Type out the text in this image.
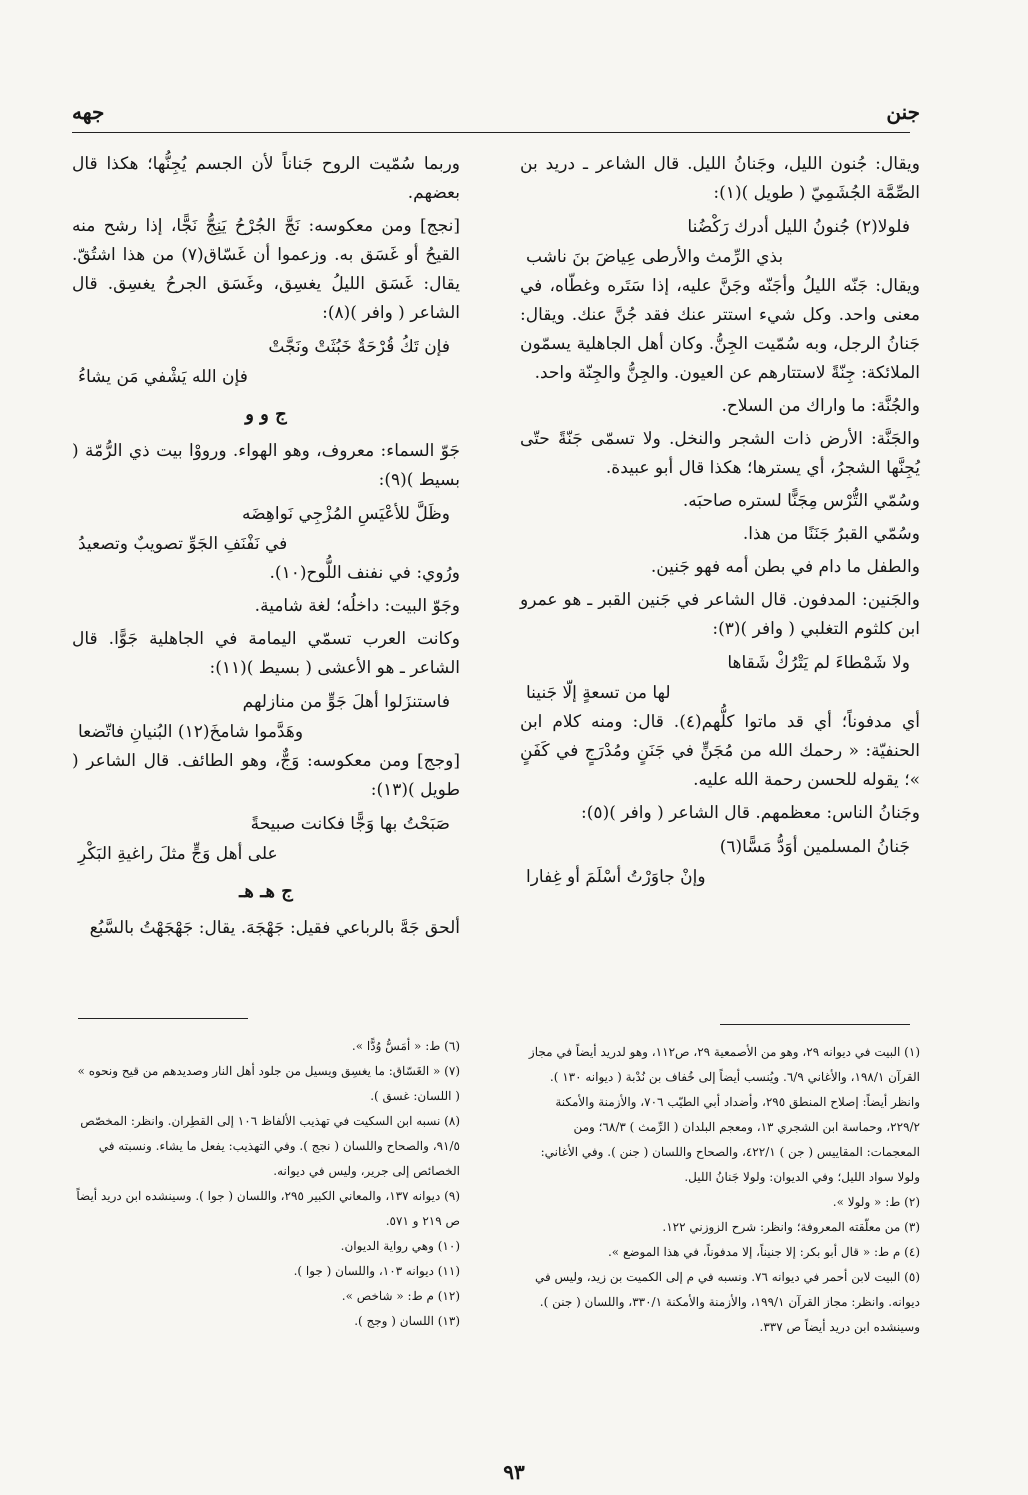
جنن
جهه

ويقال: جُنون الليل، وجَنانُ الليل. قال الشاعر ـ دريد بن الصِّمَّة الجُشَمِيّ ( طويل )(١):

فلولا(٢) جُنونُ الليل أدرك رَكْضُنا
بذي الرِّمث والأرطى عِياضَ بنَ ناشب

ويقال: جَنّه الليلُ وأجَنّه وجَنَّ عليه، إذا سَتَره وغطّاه، في معنى واحد. وكل شيء استتر عنك فقد جُنَّ عنك. ويقال: جَنانُ الرجل، وبه سُمّيت الجِنُّ. وكان أهل الجاهلية يسمّون الملائكة: جِنّةً لاستتارهم عن العيون. والجِنُّ والجِنّة واحد.

والجُنَّة: ما واراك من السلاح.

والجَنَّة: الأرض ذات الشجر والنخل. ولا تسمّى جَنّةً حتّى يُجِنَّها الشجرُ، أي يسترها؛ هكذا قال أبو عبيدة.

وسُمّي التُّرْس مِجَنًّا لستره صاحبَه.

وسُمّي القبرُ جَنَنًا من هذا.

والطفل ما دام في بطن أمه فهو جَنين.

والجَنين: المدفون. قال الشاعر في جَنين القبر ـ هو عمرو ابن كلثوم التغلبي ( وافر )(٣):

ولا شَمْطاءَ لم يَتْرُكْ شَقاها
لها من تسعةٍ إلّا جَنينا

أي مدفوناً؛ أي قد ماتوا كلُّهم(٤). قال: ومنه كلام ابن الحنفيّة: « رحمك الله من مُجَنٍّ في جَنَنٍ ومُدْرَجٍ في كَفَنٍ »؛ يقوله للحسن رحمة الله عليه.

وجَنانُ الناس: معظمهم. قال الشاعر ( وافر )(٥):

جَنانُ المسلمين أوَدُّ مَسًّا(٦)
وإنْ جاوَرْتُ أسْلَمَ أو غِفارا

وربما سُمّيت الروح جَناناً لأن الجسم يُجِنُّها؛ هكذا قال بعضهم.

[نجج] ومن معكوسه: نَجَّ الجُرْحُ يَنِجُّ نَجًّا، إذا رشح منه القيحُ أو غَسَق به. وزعموا أن غَسّاق(٧) من هذا اشتُقّ. يقال: غَسَق الليلُ يغسِق، وغَسَق الجرحُ يغسِق. قال الشاعر ( وافر )(٨):

فإن تَكُ قُرْحَةٌ خَبُثَتْ ونَجَّتْ
فإن الله يَشْفي مَن يشاءُ
ج و و

جَوّ السماء: معروف، وهو الهواء. ورووْا بيت ذي الرُّمّة ( بسيط )(٩):

وظَلَّ للأعْيَسِ المُزْجِي نَواهِضَه
في نَفْنَفِ الجَوِّ تصويبٌ وتصعيدُ

ورُوي: في نفنف اللُّوح(١٠).

وجَوّ البيت: داخلُه؛ لغة شامية.

وكانت العرب تسمّي اليمامة في الجاهلية جَوًّا. قال الشاعر ـ هو الأعشى ( بسيط )(١١):

فاستنزَلوا أهلَ جَوٍّ من منازلهم
وهَدَّموا شامخَ(١٢) البُنيانِ فاتّضعا

[وجج] ومن معكوسه: وَجٌّ، وهو الطائف. قال الشاعر ( طويل )(١٣):

صَبَحْتُ بها وَجًّا فكانت صبيحةً
على أهل وَجٍّ مثلَ راغيةِ البَكْرِ
ج هـ هـ

ألحق جَهَّ بالرباعي فقيل: جَهْجَهَ. يقال: جَهْجَهْتُ بالسَّبُع

(١) البيت في ديوانه ٢٩، وهو من الأصمعية ٢٩، ص١١٢، وهو لدريد أيضاً في مجاز القرآن ١٩٨/١، والأغاني ٦/٩. ويُنسب أيضاً إلى خُفاف بن نُدْبة ( ديوانه ١٣٠ ). وانظر أيضاً: إصلاح المنطق ٢٩٥، وأضداد أبي الطيّب ٧٠٦، والأزمنة والأمكنة ٢٢٩/٢، وحماسة ابن الشجري ١٣، ومعجم البلدان ( الرِّمث ) ٦٨/٣؛ ومن المعجمات: المقاييس ( جن ) ٤٢٢/١، والصحاح واللسان ( جنن ). وفي الأغاني: ولولا سواد الليل؛ وفي الديوان: ولولا جَنانُ الليل.

(٢) ط: « ولولا ».

(٣) من معلّقته المعروفة؛ وانظر: شرح الزوزني ١٢٢.

(٤) م ط: « قال أبو بكر: إلا جنيناً، إلا مدفوناً، في هذا الموضع ».

(٥) البيت لابن أحمر في ديوانه ٧٦. ونسبه في م إلى الكميت بن زيد، وليس في ديوانه. وانظر: مجاز القرآن ١٩٩/١، والأزمنة والأمكنة ٣٣٠/١، واللسان ( جنن ). وسينشده ابن دريد أيضاً ص ٣٣٧.

(٦) ط: « أمَسُّ وُدًّا ».

(٧) « الغَسّاق: ما يغسِق ويسيل من جلود أهل النار وصديدهم من قيح ونحوه » ( اللسان: غسق ).

(٨) نسبه ابن السكيت في تهذيب الألفاظ ١٠٦ إلى القطِران. وانظر: المخصّص ٩١/٥، والصحاح واللسان ( نجج ). وفي التهذيب: يفعل ما يشاء. ونسبته في الخصائص إلى جرير، وليس في ديوانه.

(٩) ديوانه ١٣٧، والمعاني الكبير ٢٩٥، واللسان ( جوا ). وسينشده ابن دريد أيضاً ص ٢١٩ و ٥٧١.

(١٠) وهي رواية الديوان.

(١١) ديوانه ١٠٣، واللسان ( جوا ).

(١٢) م ط: « شاخص ».

(١٣) اللسان ( وجج ).

٩٣
